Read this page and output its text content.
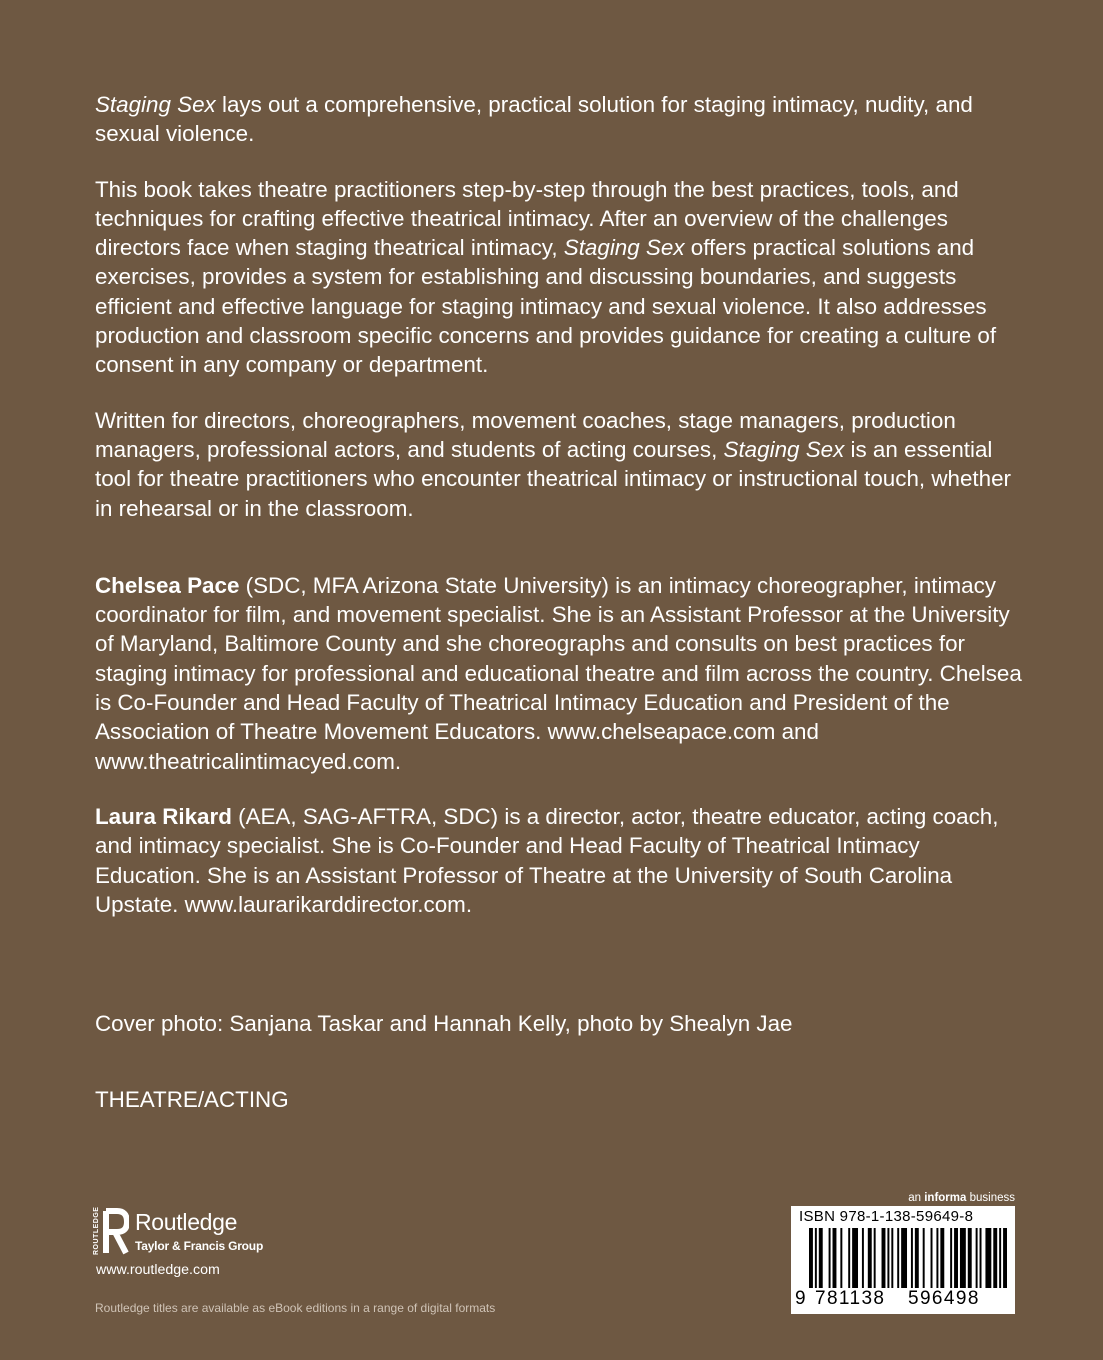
Staging Sex lays out a comprehensive, practical solution for staging intimacy, nudity, and sexual violence.

This book takes theatre practitioners step-by-step through the best practices, tools, and techniques for crafting effective theatrical intimacy. After an overview of the challenges directors face when staging theatrical intimacy, Staging Sex offers practical solutions and exercises, provides a system for establishing and discussing boundaries, and suggests efficient and effective language for staging intimacy and sexual violence. It also addresses production and classroom specific concerns and provides guidance for creating a culture of consent in any company or department.

Written for directors, choreographers, movement coaches, stage managers, production managers, professional actors, and students of acting courses, Staging Sex is an essential tool for theatre practitioners who encounter theatrical intimacy or instructional touch, whether in rehearsal or in the classroom.

Chelsea Pace (SDC, MFA Arizona State University) is an intimacy choreographer, intimacy coordinator for film, and movement specialist. She is an Assistant Professor at the University of Maryland, Baltimore County and she choreographs and consults on best practices for staging intimacy for professional and educational theatre and film across the country. Chelsea is Co-Founder and Head Faculty of Theatrical Intimacy Education and President of the Association of Theatre Movement Educators. www.chelseapace.com and www.theatricalintimacyed.com.

Laura Rikard (AEA, SAG-AFTRA, SDC) is a director, actor, theatre educator, acting coach, and intimacy specialist. She is Co-Founder and Head Faculty of Theatrical Intimacy Education. She is an Assistant Professor of Theatre at the University of South Carolina Upstate. www.laurarikarddirector.com.

Cover photo: Sanjana Taskar and Hannah Kelly, photo by Shealyn Jae
THEATRE/ACTING
ROUTLEDGE Routledge
Taylor & Francis Group
www.routledge.com
Routledge titles are available as eBook editions in a range of digital formats
an informa business
ISBN 978-1-138-59649-8
9 781138 596498
